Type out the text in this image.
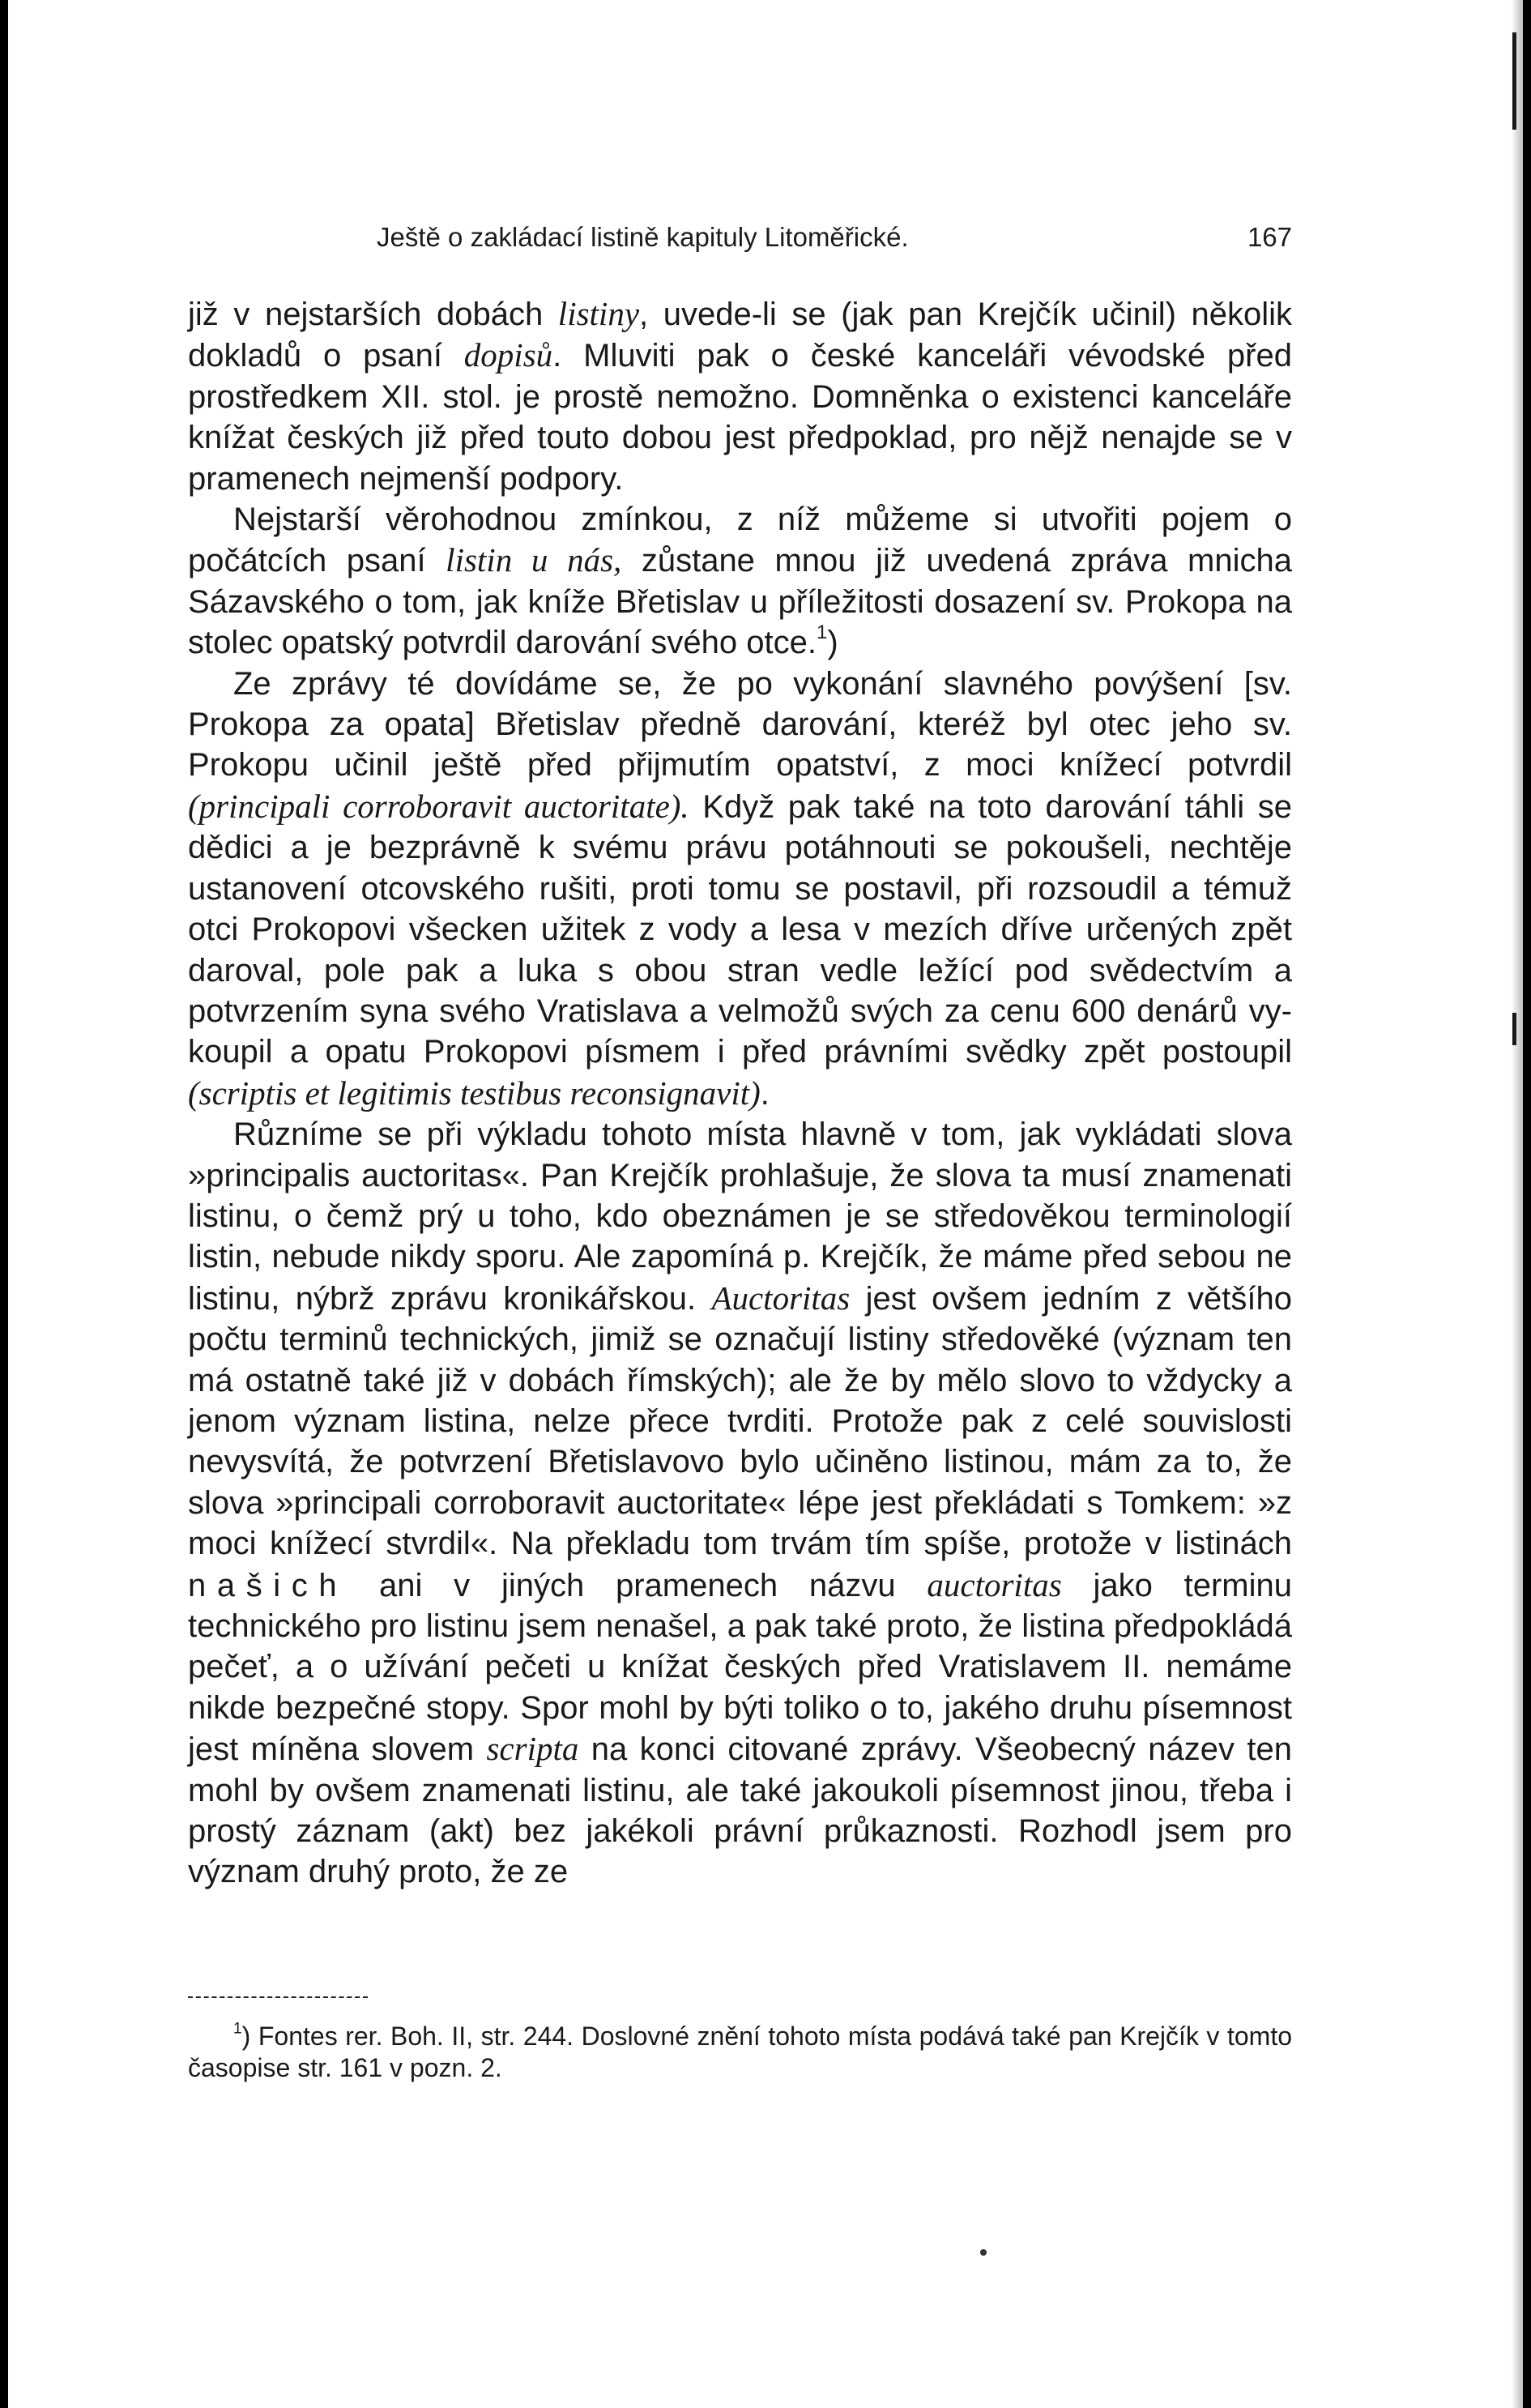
Ještě o zakládací listině kapituly Litoměřické.	167

již v nejstarších dobách listiny, uvede-li se (jak pan Krejčík učinil) několik dokladů o psaní dopisů. Mluviti pak o české kanceláři vévodské před prostředkem XII. stol. je prostě nemožno. Domněnka o existenci kanceláře knížat českých již před touto dobou jest předpoklad, pro nějž nenajde se v pramenech nejmenší podpory.

Nejstarší věrohodnou zmínkou, z níž můžeme si utvořiti pojem o počátcích psaní listin u nás, zůstane mnou již uvedená zpráva mnicha Sázavského o tom, jak kníže Břetislav u příležitosti dosazení sv. Prokopa na stolec opatský potvrdil darování svého otce.$^1$)

Ze zprávy té dovídáme se, že po vykonání slavného povýšení [sv. Prokopa za opata] Břetislav předně darování, kteréž byl otec jeho sv. Prokopu učinil ještě před přijmutím opatství, z moci knížecí potvrdil (principali corroboravit auctoritate). Když pak také na toto darování táhli se dědici a je bezprávně k svému právu potáhnouti se pokoušeli, nechtěje ustanovení otcovského rušiti, proti tomu se postavil, při rozsoudil a témuž otci Prokopovi všecken užitek z vody a lesa v mezích dříve určených zpět daroval, pole pak a luka s obou stran vedle ležící pod svědectvím a potvrzením syna svého Vratislava a velmožů svých za cenu 600 denárů vykoupil a opatu Prokopovi písmem i před právními svědky zpět postoupil (scriptis et legitimis testibus reconsignavit).

Různíme se při výkladu tohoto místa hlavně v tom, jak vykládati slova »principalis auctoritas«. Pan Krejčík prohlašuje, že slova ta musí znamenati listinu, o čemž prý u toho, kdo obeznámen je se středověkou terminologií listin, nebude nikdy sporu. Ale zapomíná p. Krejčík, že máme před sebou ne listinu, nýbrž zprávu kronikářskou. Auctoritas jest ovšem jedním z většího počtu terminů technických, jimiž se označují listiny středověké (význam ten má ostatně také již v dobách římských); ale že by mělo slovo to vždycky a jenom význam listina, nelze přece tvrditi. Protože pak z celé souvislosti nevysvítá, že potvrzení Břetislavovo bylo učiněno listinou, mám za to, že slova »principali corroboravit auctoritate« lépe jest překládati s Tomkem: »z moci knížecí stvrdil«. Na překladu tom trvám tím spíše, protože v listinách našich ani v jiných pramenech názvu auctoritas jako terminu technického pro listinu jsem nenašel, a pak také proto, že listina předpokládá pečeť, a o užívání pečeti u knížat českých před Vratislavem II. nemáme nikde bezpečné stopy. Spor mohl by býti toliko o to, jakého druhu písemnost jest míněna slovem scripta na konci citované zprávy. Všeobecný název ten mohl by ovšem znamenati listinu, ale také jakoukoli písemnost jinou, třeba i prostý záznam (akt) bez jakékoli právní průkaznosti. Rozhodl jsem pro význam druhý proto, že ze

$^1$) Fontes rer. Boh. II, str. 244. Doslovné znění tohoto místa podává také pan Krejčík v tomto časopise str. 161 v pozn. 2.
